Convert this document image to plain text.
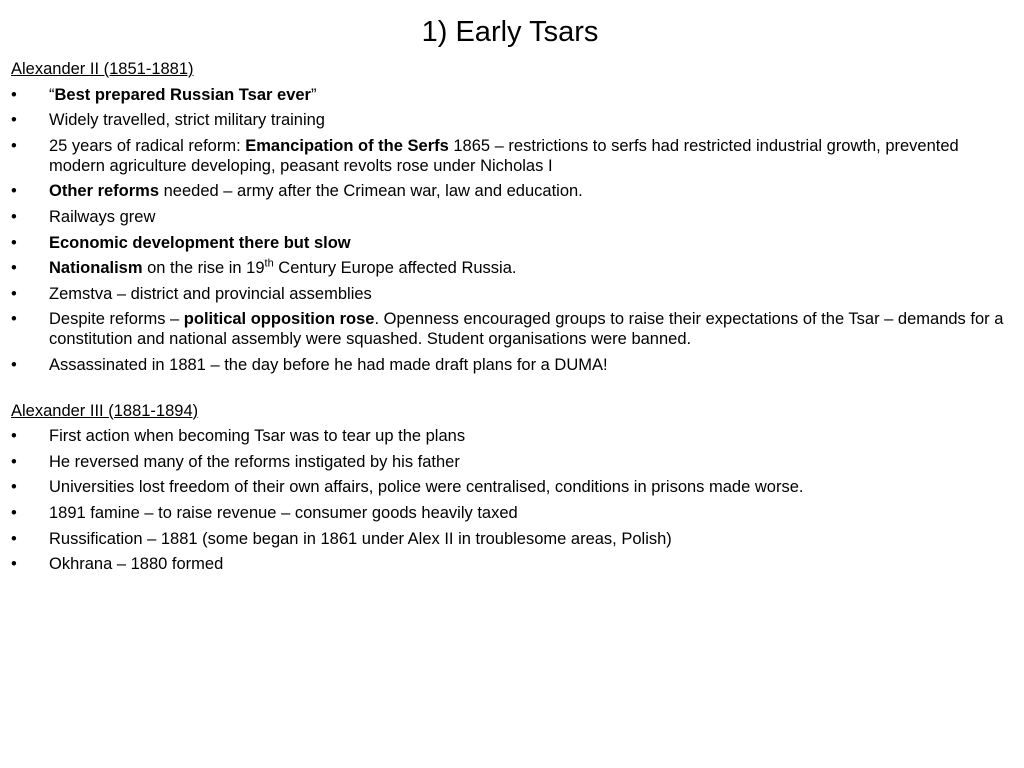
1) Early Tsars
Alexander II (1851-1881)
• “Best prepared Russian Tsar ever”
• Widely travelled, strict military training
• 25 years of radical reform: Emancipation of the Serfs 1865 – restrictions to serfs had restricted industrial growth, prevented modern agriculture developing, peasant revolts rose under Nicholas I
• Other reforms needed – army after the Crimean war, law and education.
• Railways grew
• Economic development there but slow
• Nationalism on the rise in 19th Century Europe affected Russia.
• Zemstva – district and provincial assemblies
• Despite reforms – political opposition rose. Openness encouraged groups to raise their expectations of the Tsar – demands for a constitution and national assembly were squashed. Student organisations were banned.
• Assassinated in 1881 – the day before he had made draft plans for a DUMA!
Alexander III (1881-1894)
• First action when becoming Tsar was to tear up the plans
• He reversed many of the reforms instigated by his father
• Universities lost freedom of their own affairs, police were centralised, conditions in prisons made worse.
• 1891 famine – to raise revenue – consumer goods heavily taxed
• Russification – 1881 (some began in 1861 under Alex II in troublesome areas, Polish)
• Okhrana – 1880 formed
